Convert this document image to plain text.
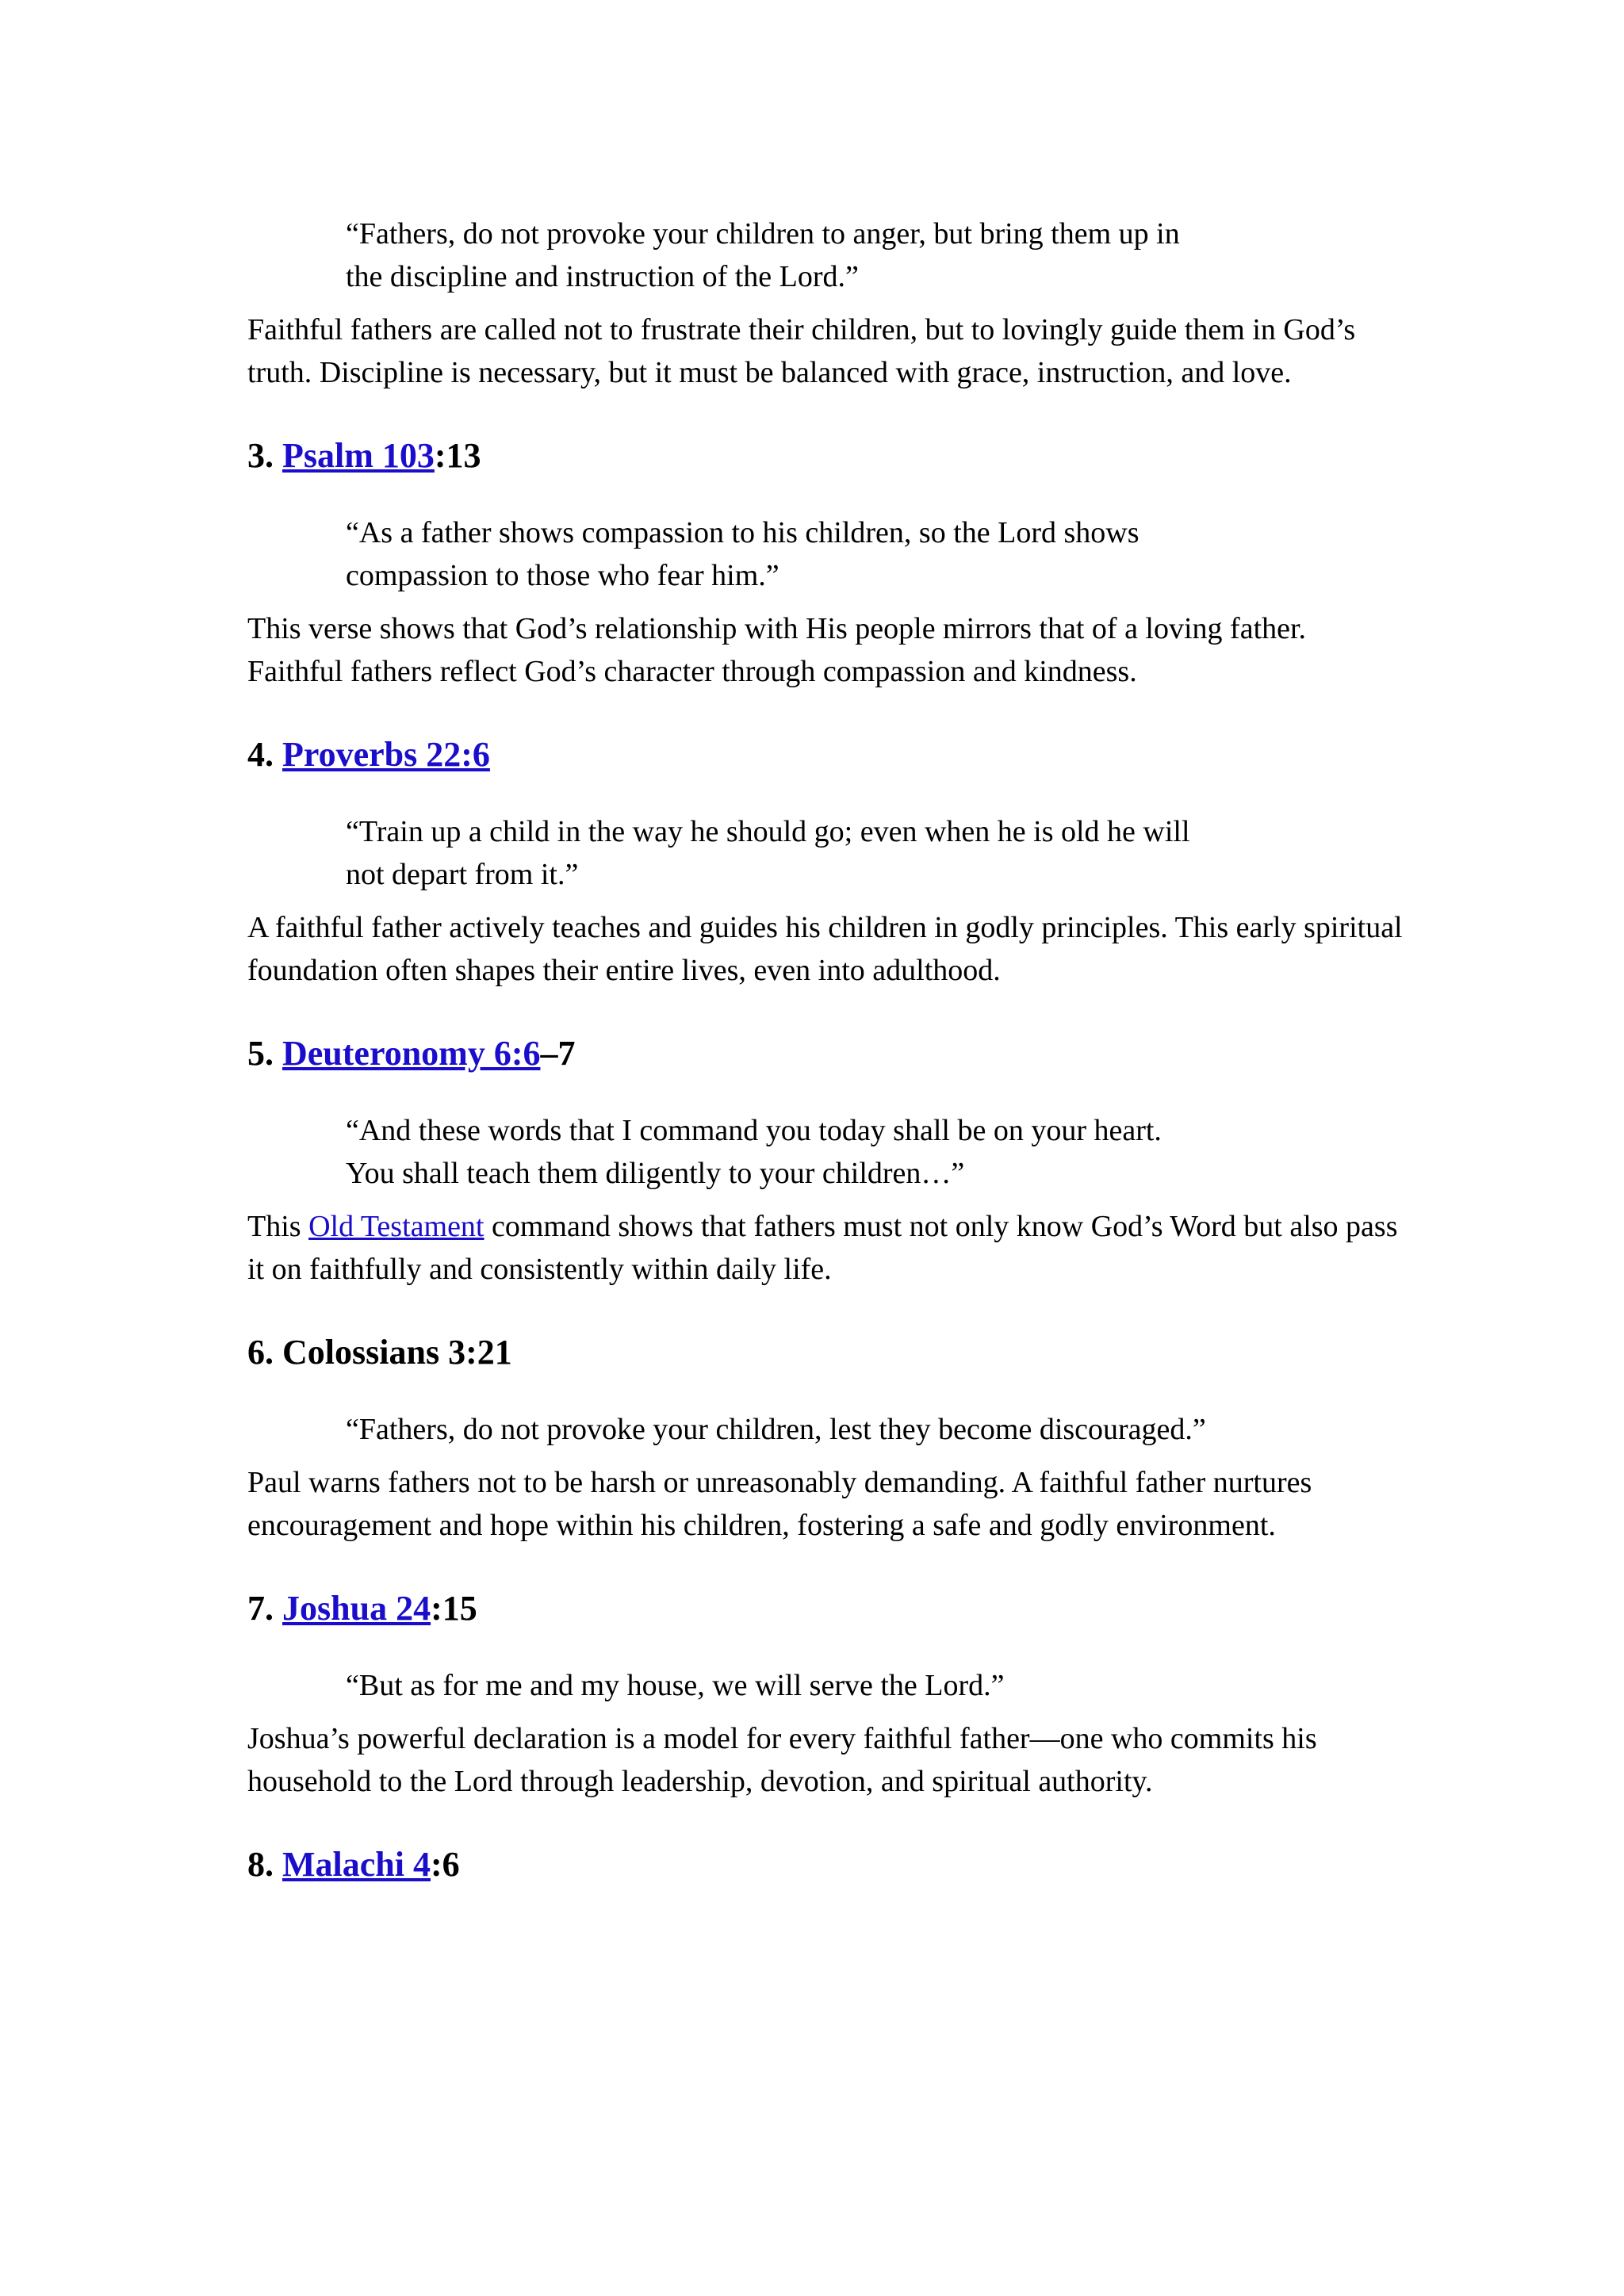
“Fathers, do not provoke your children to anger, but bring them up in
the discipline and instruction of the Lord.”

Faithful fathers are called not to frustrate their children, but to lovingly guide them in God’s truth. Discipline is necessary, but it must be balanced with grace, instruction, and love.

3. Psalm 103:13
“As a father shows compassion to his children, so the Lord shows
compassion to those who fear him.”

This verse shows that God’s relationship with His people mirrors that of a loving father. Faithful fathers reflect God’s character through compassion and kindness.

4. Proverbs 22:6
“Train up a child in the way he should go; even when he is old he will
not depart from it.”

A faithful father actively teaches and guides his children in godly principles. This early spiritual foundation often shapes their entire lives, even into adulthood.

5. Deuteronomy 6:6–7
“And these words that I command you today shall be on your heart.
You shall teach them diligently to your children…”

This Old Testament command shows that fathers must not only know God’s Word but also pass it on faithfully and consistently within daily life.

6. Colossians 3:21
“Fathers, do not provoke your children, lest they become discouraged.”

Paul warns fathers not to be harsh or unreasonably demanding. A faithful father nurtures encouragement and hope within his children, fostering a safe and godly environment.

7. Joshua 24:15
“But as for me and my house, we will serve the Lord.”

Joshua’s powerful declaration is a model for every faithful father—one who commits his household to the Lord through leadership, devotion, and spiritual authority.

8. Malachi 4:6
